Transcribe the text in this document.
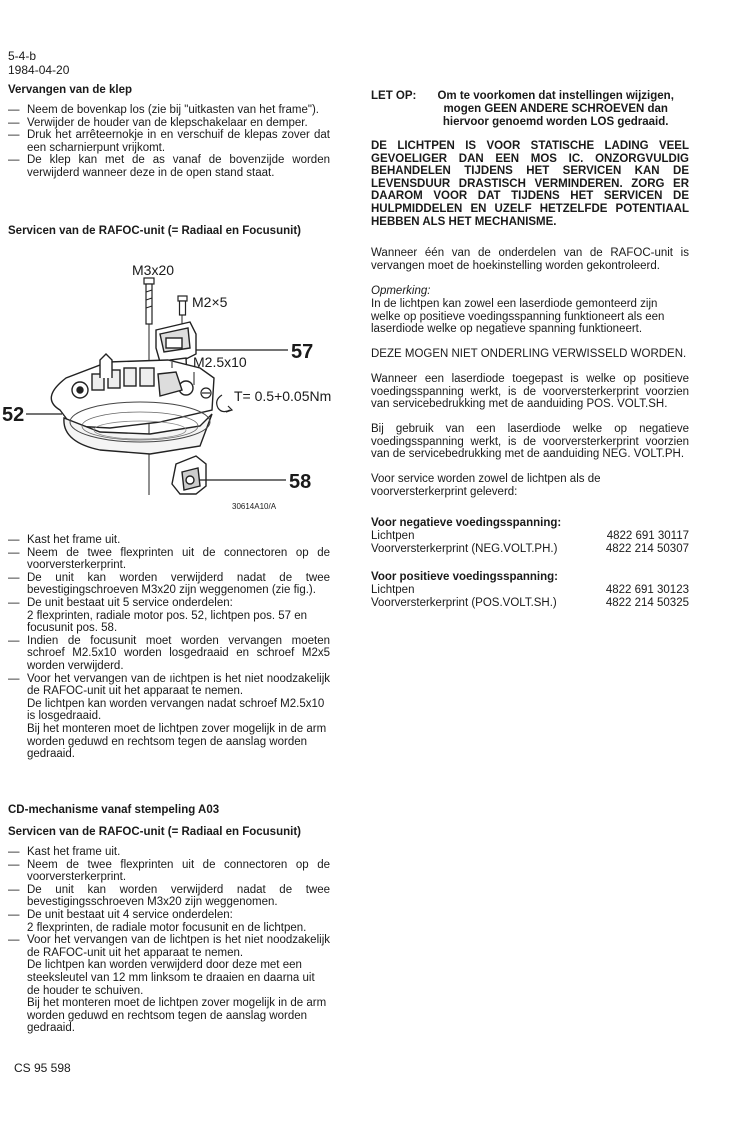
5-4-b
1984-04-20
Vervangen van de klep
— Neem de bovenkap los (zie bij "uitkasten van het frame").
— Verwijder de houder van de klepschakelaar en demper.
— Druk het arrêteernokje in en verschuif de klepas zover dat een scharnierpunt vrijkomt.
— De klep kan met de as vanaf de bovenzijde worden verwijderd wanneer deze in de open stand staat.
Servicen van de RAFOC-unit (= Radiaal en Focusunit)
M3x20
M2×5
M2.5x10
T= 0.5+0.05Nm
57
52
58
30614A10/A
— Kast het frame uit.
— Neem de twee flexprinten uit de connectoren op de voorversterkerprint.
— De unit kan worden verwijderd nadat de twee bevestigingschroeven M3x20 zijn weggenomen (zie fig.).
— De unit bestaat uit 5 service onderdelen:
2 flexprinten, radiale motor pos. 52, lichtpen pos. 57 en focusunit pos. 58.
— Indien de focusunit moet worden vervangen moeten schroef M2.5x10 worden losgedraaid en schroef M2x5 worden verwijderd.
— Voor het vervangen van de ıichtpen is het niet noodzakelijk de RAFOC-unit uit het apparaat te nemen.
De lichtpen kan worden vervangen nadat schroef M2.5x10 is losgedraaid.
Bij het monteren moet de lichtpen zover mogelijk in de arm worden geduwd en rechtsom tegen de aanslag worden gedraaid.
CD-mechanisme vanaf stempeling A03
Servicen van de RAFOC-unit (= Radiaal en Focusunit)
— Kast het frame uit.
— Neem de twee flexprinten uit de connectoren op de voorversterkerprint.
— De unit kan worden verwijderd nadat de twee bevestigingsschroeven M3x20 zijn weggenomen.
— De unit bestaat uit 4 service onderdelen:
2 flexprinten, de radiale motor focusunit en de lichtpen.
— Voor het vervangen van de lichtpen is het niet noodzakelijk de RAFOC-unit uit het apparaat te nemen.
De lichtpen kan worden verwijderd door deze met een steeksleutel van 12 mm linksom te draaien en daarna uit de houder te schuiven.
Bij het monteren moet de lichtpen zover mogelijk in de arm worden geduwd en rechtsom tegen de aanslag worden gedraaid.
LET OP:	Om te voorkomen dat instellingen wijzigen, mogen GEEN ANDERE SCHROEVEN dan hiervoor genoemd worden LOS gedraaid.
DE LICHTPEN IS VOOR STATISCHE LADING VEEL GEVOELIGER DAN EEN MOS IC. ONZORGVULDIG BEHANDELEN TIJDENS HET SERVICEN KAN DE LEVENSDUUR DRASTISCH VERMINDEREN. ZORG ER DAAROM VOOR DAT TIJDENS HET SERVICEN DE HULPMIDDELEN EN UZELF HETZELFDE POTENTIAAL HEBBEN ALS HET MECHANISME.
Wanneer één van de onderdelen van de RAFOC-unit is vervangen moet de hoekinstelling worden gekontroleerd.
Opmerking:
In de lichtpen kan zowel een laserdiode gemonteerd zijn welke op positieve voedingsspanning funktioneert als een laserdiode welke op negatieve spanning funktioneert.
DEZE MOGEN NIET ONDERLING VERWISSELD WORDEN.
Wanneer een laserdiode toegepast is welke op positieve voedingsspanning werkt, is de voorversterkerprint voorzien van servicebedrukking met de aanduiding POS. VOLT.SH.
Bij gebruik van een laserdiode welke op negatieve voedingsspanning werkt, is de voorversterkerprint voorzien van de servicebedrukking met de aanduiding NEG. VOLT.PH.
Voor service worden zowel de lichtpen als de voorversterkerprint geleverd:
Voor negatieve voedingsspanning:
Lichtpen	4822 691 30117
Voorversterkerprint (NEG.VOLT.PH.)	4822 214 50307
Voor positieve voedingsspanning:
Lichtpen	4822 691 30123
Voorversterkerprint (POS.VOLT.SH.)	4822 214 50325
CS 95 598
